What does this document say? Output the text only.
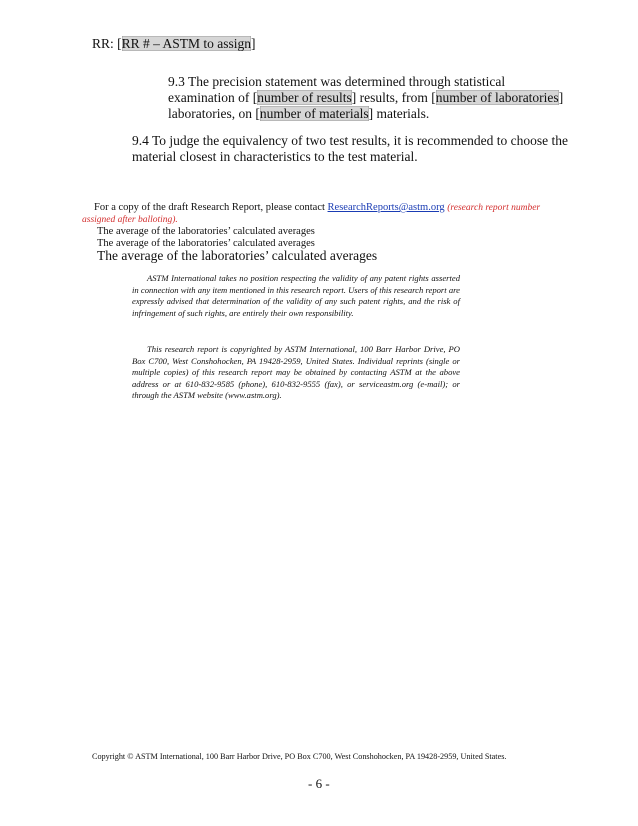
RR: [RR # – ASTM to assign]
9.3 The precision statement was determined through statistical
examination of [number of results] results, from [number of laboratories]
laboratories, on [number of materials] materials.
9.4 To judge the equivalency of two test results, it is recommended to choose the
material closest in characteristics to the test material.
For a copy of the draft Research Report, please contact ResearchReports@astm.org (research report number
assigned after balloting).
The average of the laboratories’ calculated averages
The average of the laboratories’ calculated averages
The average of the laboratories’ calculated averages
ASTM International takes no position respecting the validity of any patent rights asserted in connection with any item mentioned in this research report. Users of this research report are expressly advised that determination of the validity of any such patent rights, and the risk of infringement of such rights, are entirely their own responsibility.
This research report is copyrighted by ASTM International, 100 Barr Harbor Drive, PO Box C700, West Conshohocken, PA 19428-2959, United States. Individual reprints (single or multiple copies) of this research report may be obtained by contacting ASTM at the above address or at 610-832-9585 (phone), 610-832-9555 (fax), or serviceastm.org (e-mail); or through the ASTM website (www.astm.org).
Copyright © ASTM International, 100 Barr Harbor Drive, PO Box C700, West Conshohocken, PA 19428-2959, United States.
- 6 -
